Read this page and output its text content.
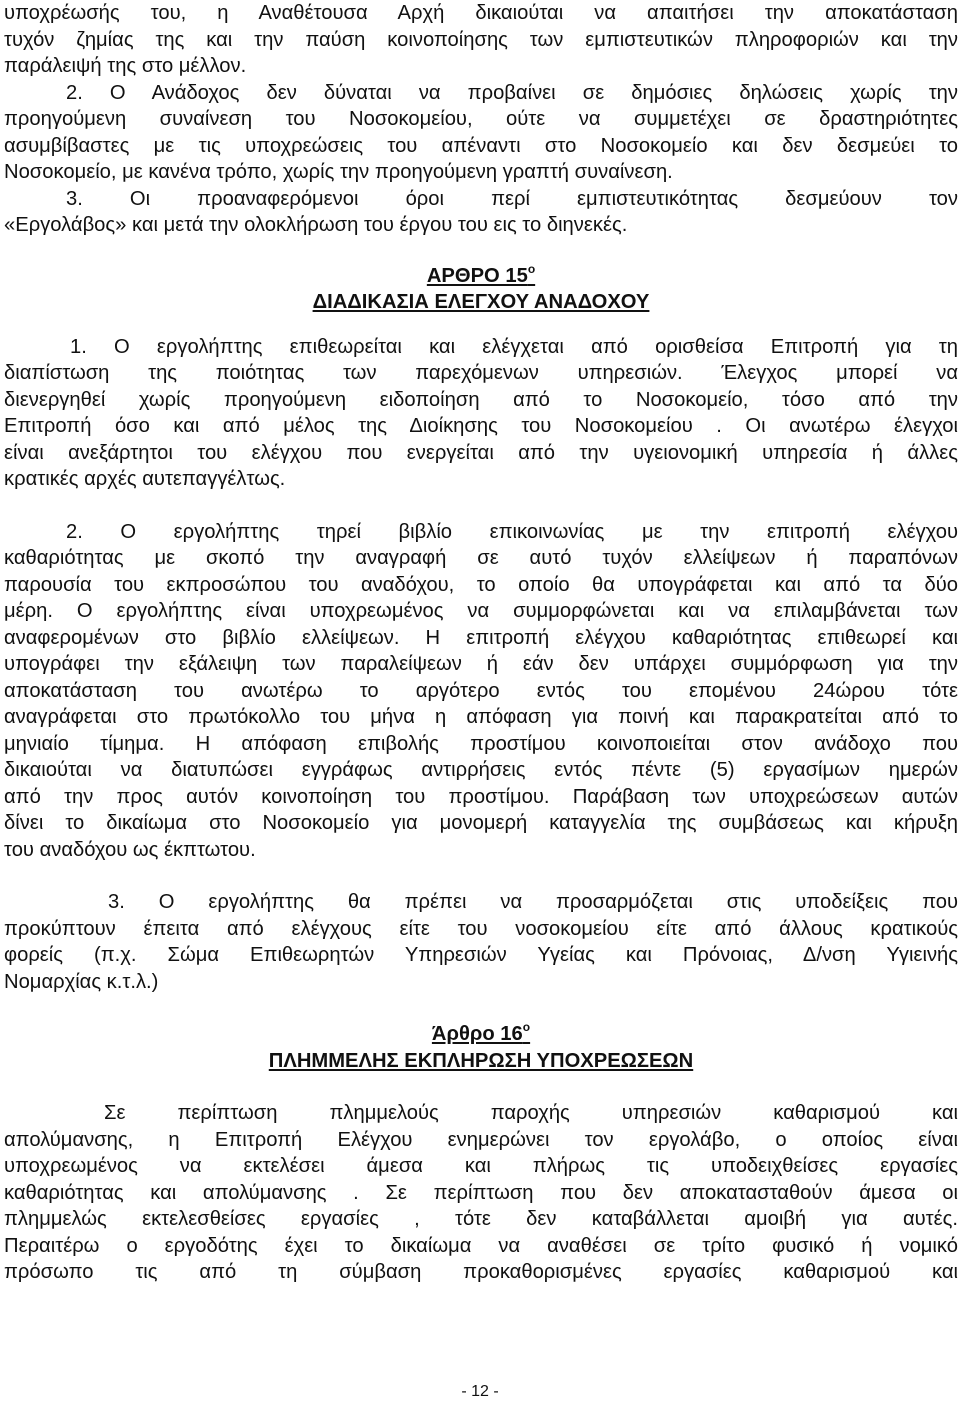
υποχρέωσής του, η Αναθέτουσα Αρχή δικαιούται να απαιτήσει την αποκατάσταση
τυχόν ζημίας της και την παύση κοινοποίησης των εμπιστευτικών πληροφοριών και την
παράλειψή της στο μέλλον.
2. Ο Ανάδοχος δεν δύναται να προβαίνει σε δημόσιες δηλώσεις χωρίς την
προηγούμενη συναίνεση του Νοσοκομείου, ούτε να συμμετέχει σε δραστηριότητες
ασυμβίβαστες με τις υποχρεώσεις του απέναντι στο Νοσοκομείο και δεν δεσμεύει το
Νοσοκομείο, με κανένα τρόπο, χωρίς την προηγούμενη γραπτή συναίνεση.
3. Οι προαναφερόμενοι όροι περί εμπιστευτικότητας δεσμεύουν τον
«Εργολάβος» και μετά την ολοκλήρωση του έργου του εις το διηνεκές.
ΑΡΘΡΟ $15^o$
ΔΙΑΔΙΚΑΣΙΑ ΕΛΕΓΧΟΥ ΑΝΑΔΟΧΟΥ
1. Ο εργολήπτης επιθεωρείται και ελέγχεται από ορισθείσα Επιτροπή για τη
διαπίστωση της ποιότητας των παρεχόμενων υπηρεσιών. Έλεγχος μπορεί να
διενεργηθεί χωρίς προηγούμενη ειδοποίηση από το Νοσοκομείο, τόσο από την
Επιτροπή όσο και από μέλος της Διοίκησης του Νοσοκομείου . Οι ανωτέρω έλεγχοι
είναι ανεξάρτητοι του ελέγχου που ενεργείται από την υγειονομική υπηρεσία ή άλλες
κρατικές αρχές αυτεπαγγέλτως.
2. Ο εργολήπτης τηρεί βιβλίο επικοινωνίας με την επιτροπή ελέγχου
καθαριότητας με σκοπό την αναγραφή σε αυτό τυχόν ελλείψεων ή παραπόνων
παρουσία του εκπροσώπου του αναδόχου, το οποίο θα υπογράφεται και από τα δύο
μέρη. Ο εργολήπτης είναι υποχρεωμένος να συμμορφώνεται και να επιλαμβάνεται των
αναφερομένων στο βιβλίο ελλείψεων. Η επιτροπή ελέγχου καθαριότητας επιθεωρεί και
υπογράφει την εξάλειψη των παραλείψεων ή εάν δεν υπάρχει συμμόρφωση για την
αποκατάσταση του ανωτέρω το αργότερο εντός του επομένου 24ώρου τότε
αναγράφεται στο πρωτόκολλο του μήνα η απόφαση για ποινή και παρακρατείται από το
μηνιαίο τίμημα. Η απόφαση επιβολής προστίμου κοινοποιείται στον ανάδοχο που
δικαιούται να διατυπώσει εγγράφως αντιρρήσεις εντός πέντε (5) εργασίμων ημερών
από την προς αυτόν κοινοποίηση του προστίμου. Παράβαση των υποχρεώσεων αυτών
δίνει το δικαίωμα στο Νοσοκομείο για μονομερή καταγγελία της συμβάσεως και κήρυξη
του αναδόχου ως έκπτωτου.
3. Ο εργολήπτης θα πρέπει να προσαρμόζεται στις υποδείξεις που
προκύπτουν έπειτα από ελέγχους είτε του νοσοκομείου είτε από άλλους κρατικούς
φορείς (π.χ. Σώμα Επιθεωρητών Υπηρεσιών Υγείας και Πρόνοιας, Δ/νση Υγιεινής
Νομαρχίας κ.τ.λ.)
Άρθρο $16^o$
ΠΛΗΜΜΕΛΗΣ ΕΚΠΛΗΡΩΣΗ ΥΠΟΧΡΕΩΣΕΩΝ
Σε περίπτωση πλημμελούς παροχής υπηρεσιών καθαρισμού και
απολύμανσης, η Επιτροπή Ελέγχου ενημερώνει τον εργολάβο, ο οποίος είναι
υποχρεωμένος να εκτελέσει άμεσα και πλήρως τις υποδειχθείσες εργασίες
καθαριότητας και απολύμανσης . Σε περίπτωση που δεν αποκατασταθούν άμεσα οι
πλημμελώς εκτελεσθείσες εργασίες , τότε δεν καταβάλλεται αμοιβή για αυτές.
Περαιτέρω ο εργοδότης έχει το δικαίωμα να αναθέσει σε τρίτο φυσικό ή νομικό
πρόσωπο τις από τη σύμβαση προκαθορισμένες εργασίες καθαρισμού και
- 12 -
